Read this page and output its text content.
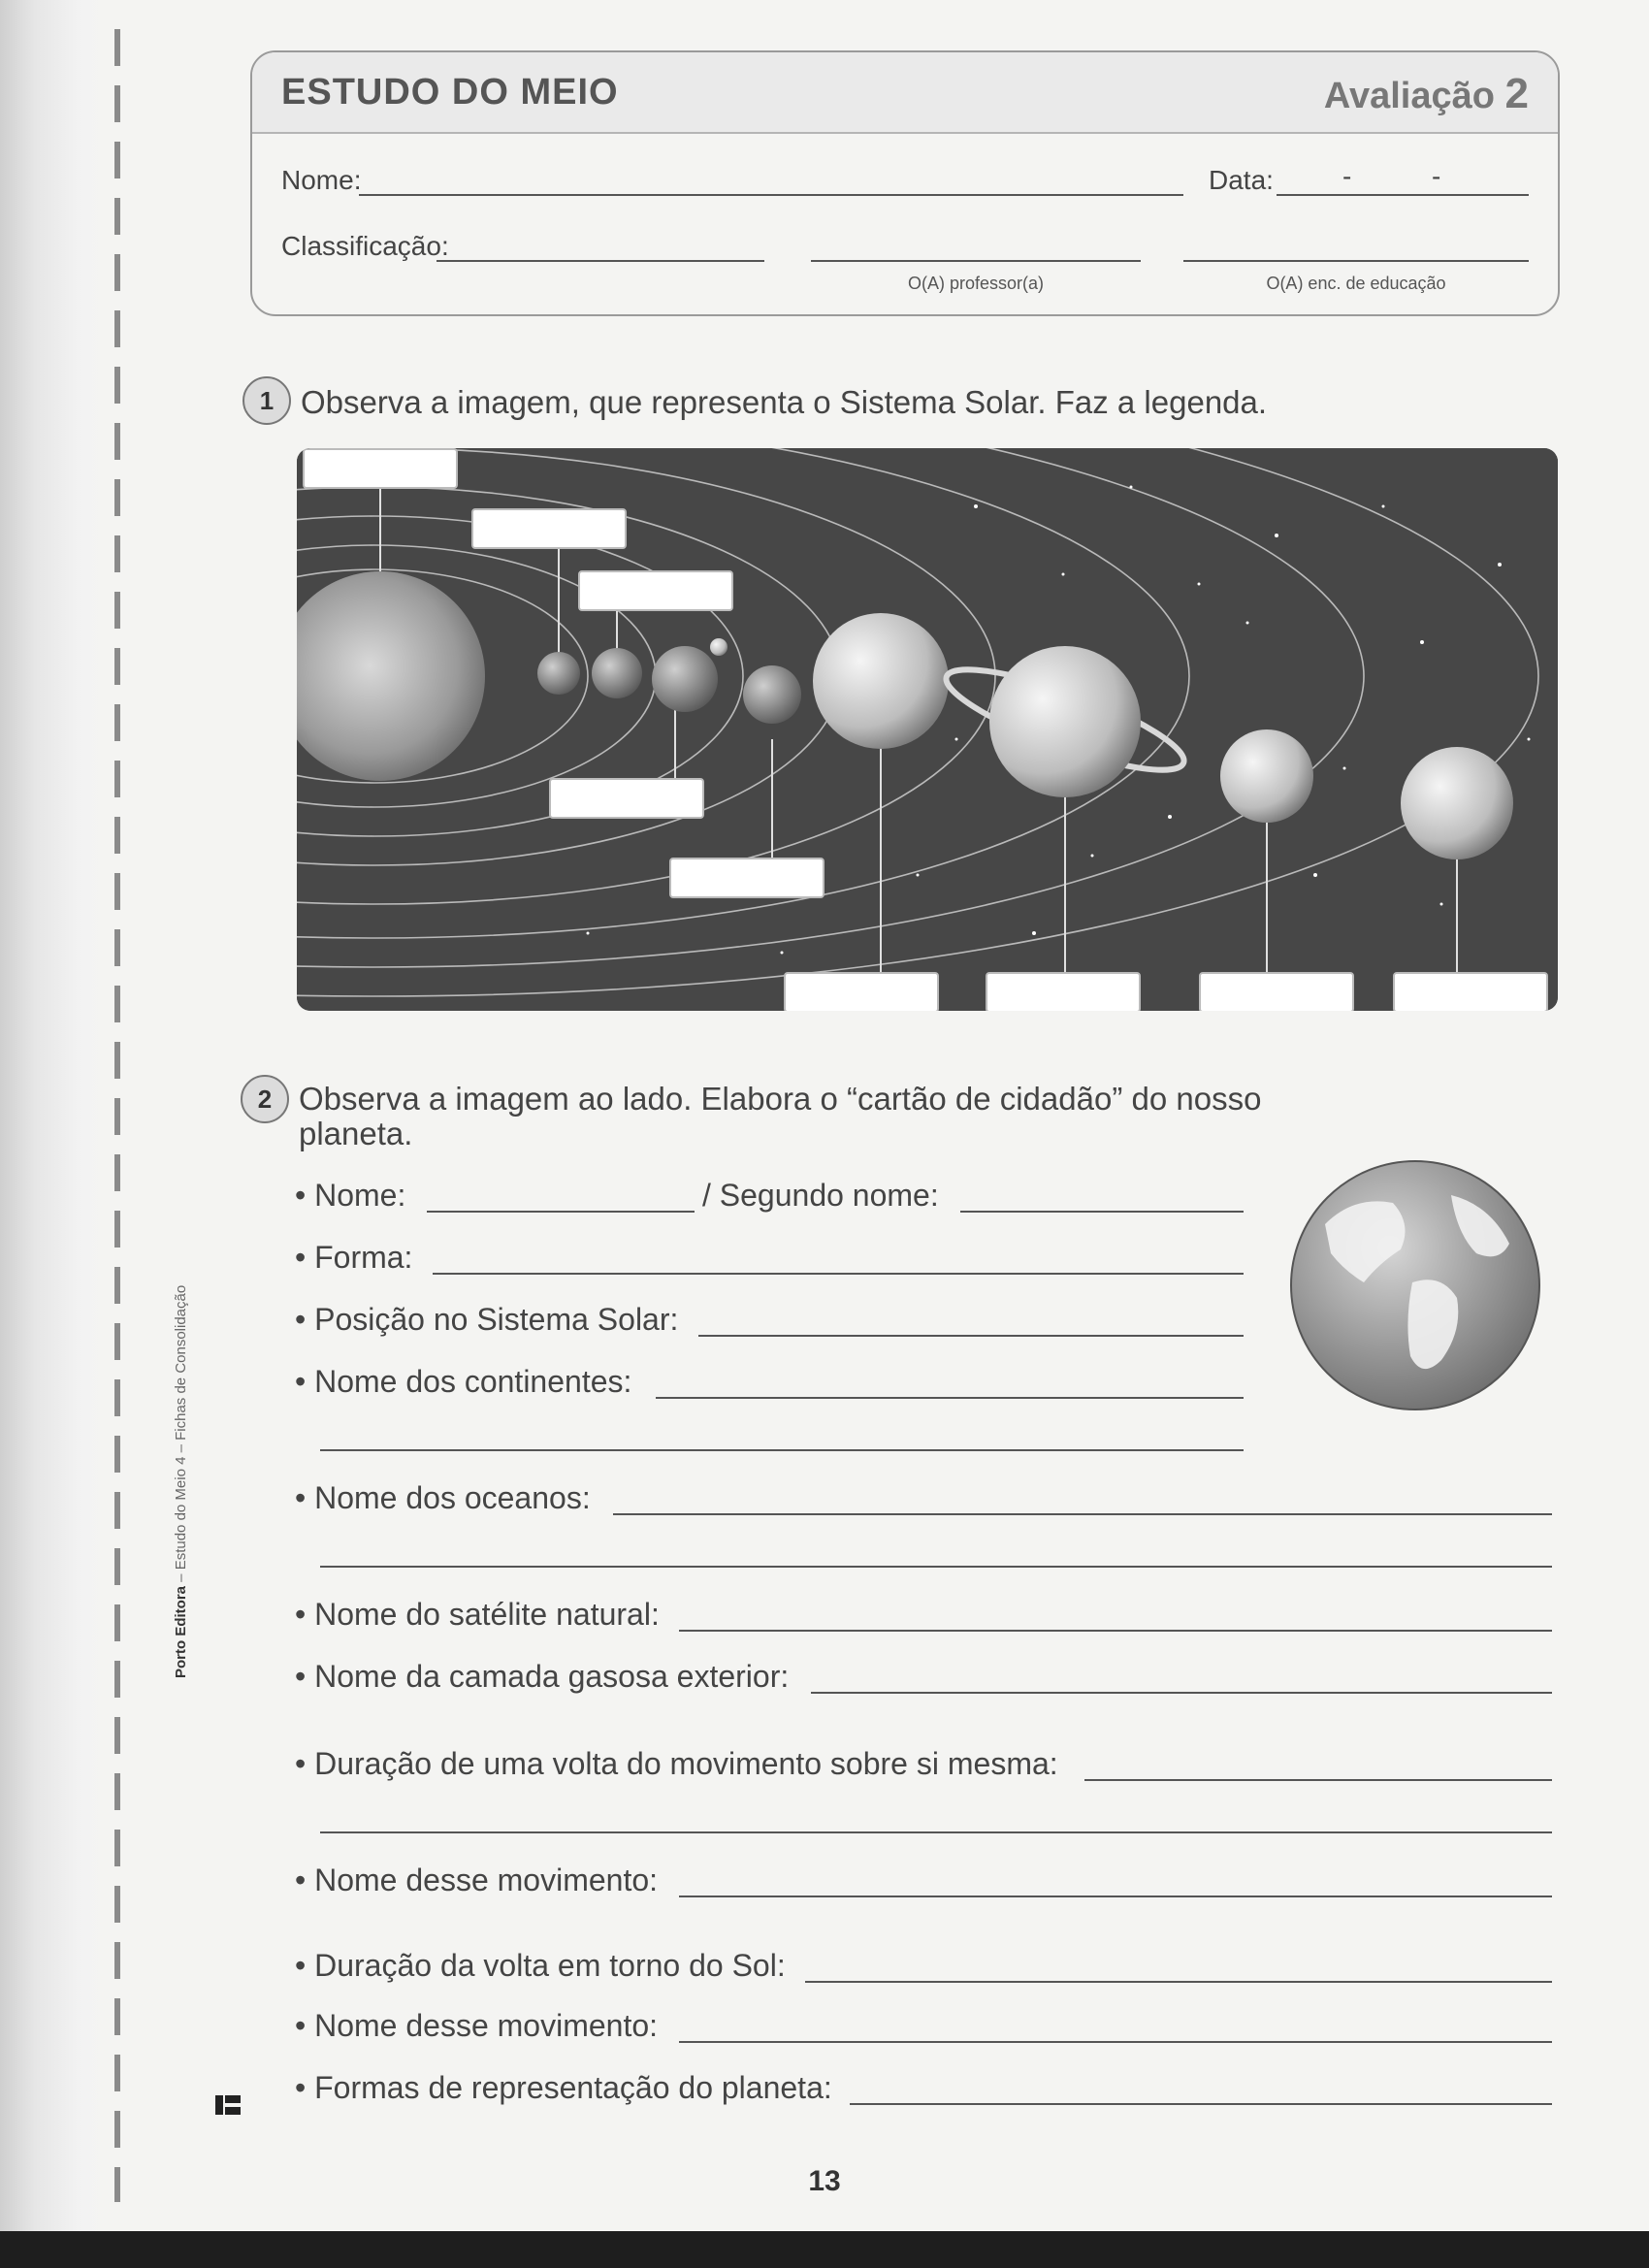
ESTUDO DO MEIO	Avaliação 2
Nome:	Data:	-	-
Classificação:
O(A) professor(a)	O(A) enc. de educação
1 Observa a imagem, que representa o Sistema Solar. Faz a legenda.
2 Observa a imagem ao lado. Elabora o “cartão de cidadão” do nosso
planeta.
• Nome:	/ Segundo nome:
• Forma:
• Posição no Sistema Solar:
• Nome dos continentes:
• Nome dos oceanos:
• Nome do satélite natural:
• Nome da camada gasosa exterior:
• Duração de uma volta do movimento sobre si mesma:
• Nome desse movimento:
• Duração da volta em torno do Sol:
• Nome desse movimento:
• Formas de representação do planeta:
Porto Editora – Estudo do Meio 4 – Fichas de Consolidação
13
